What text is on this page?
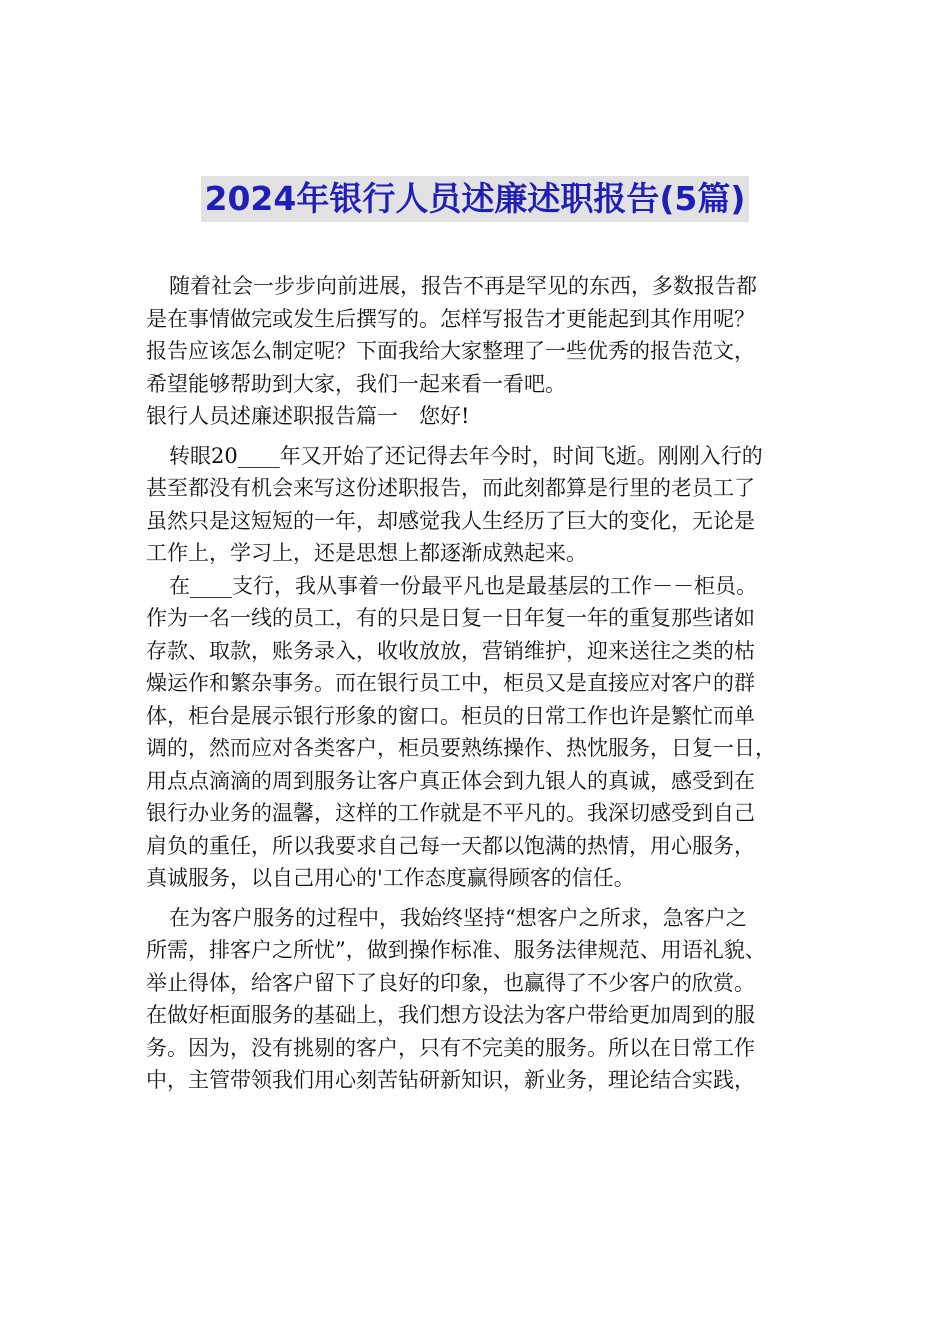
2024年银行人员述廉述职报告(5篇)

随着社会一步步向前进展，报告不再是罕见的东西，多数报告都

是在事情做完或发生后撰写的。怎样写报告才更能起到其作用呢？

报告应该怎么制定呢？下面我给大家整理了一些优秀的报告范文，

希望能够帮助到大家，我们一起来看一看吧。

银行人员述廉述职报告篇一　您好!

转眼20____年又开始了还记得去年今时，时间飞逝。刚刚入行的

甚至都没有机会来写这份述职报告，而此刻都算是行里的老员工了

虽然只是这短短的一年，却感觉我人生经历了巨大的变化，无论是

工作上，学习上，还是思想上都逐渐成熟起来。

在____支行，我从事着一份最平凡也是最基层的工作－－柜员。

作为一名一线的员工，有的只是日复一日年复一年的重复那些诸如

存款、取款，账务录入，收收放放，营销维护，迎来送往之类的枯

燥运作和繁杂事务。而在银行员工中，柜员又是直接应对客户的群

体，柜台是展示银行形象的窗口。柜员的日常工作也许是繁忙而单

调的，然而应对各类客户，柜员要熟练操作、热忱服务，日复一日，

用点点滴滴的周到服务让客户真正体会到九银人的真诚，感受到在

银行办业务的温馨，这样的工作就是不平凡的。我深切感受到自己

肩负的重任，所以我要求自己每一天都以饱满的热情，用心服务，

真诚服务，以自己用心的'工作态度赢得顾客的信任。

在为客户服务的过程中，我始终坚持“想客户之所求，急客户之

所需，排客户之所忧”，做到操作标准、服务法律规范、用语礼貌、

举止得体，给客户留下了良好的印象，也赢得了不少客户的欣赏。

在做好柜面服务的基础上，我们想方设法为客户带给更加周到的服

务。因为，没有挑剔的客户，只有不完美的服务。所以在日常工作

中，主管带领我们用心刻苦钻研新知识，新业务，理论结合实践，
